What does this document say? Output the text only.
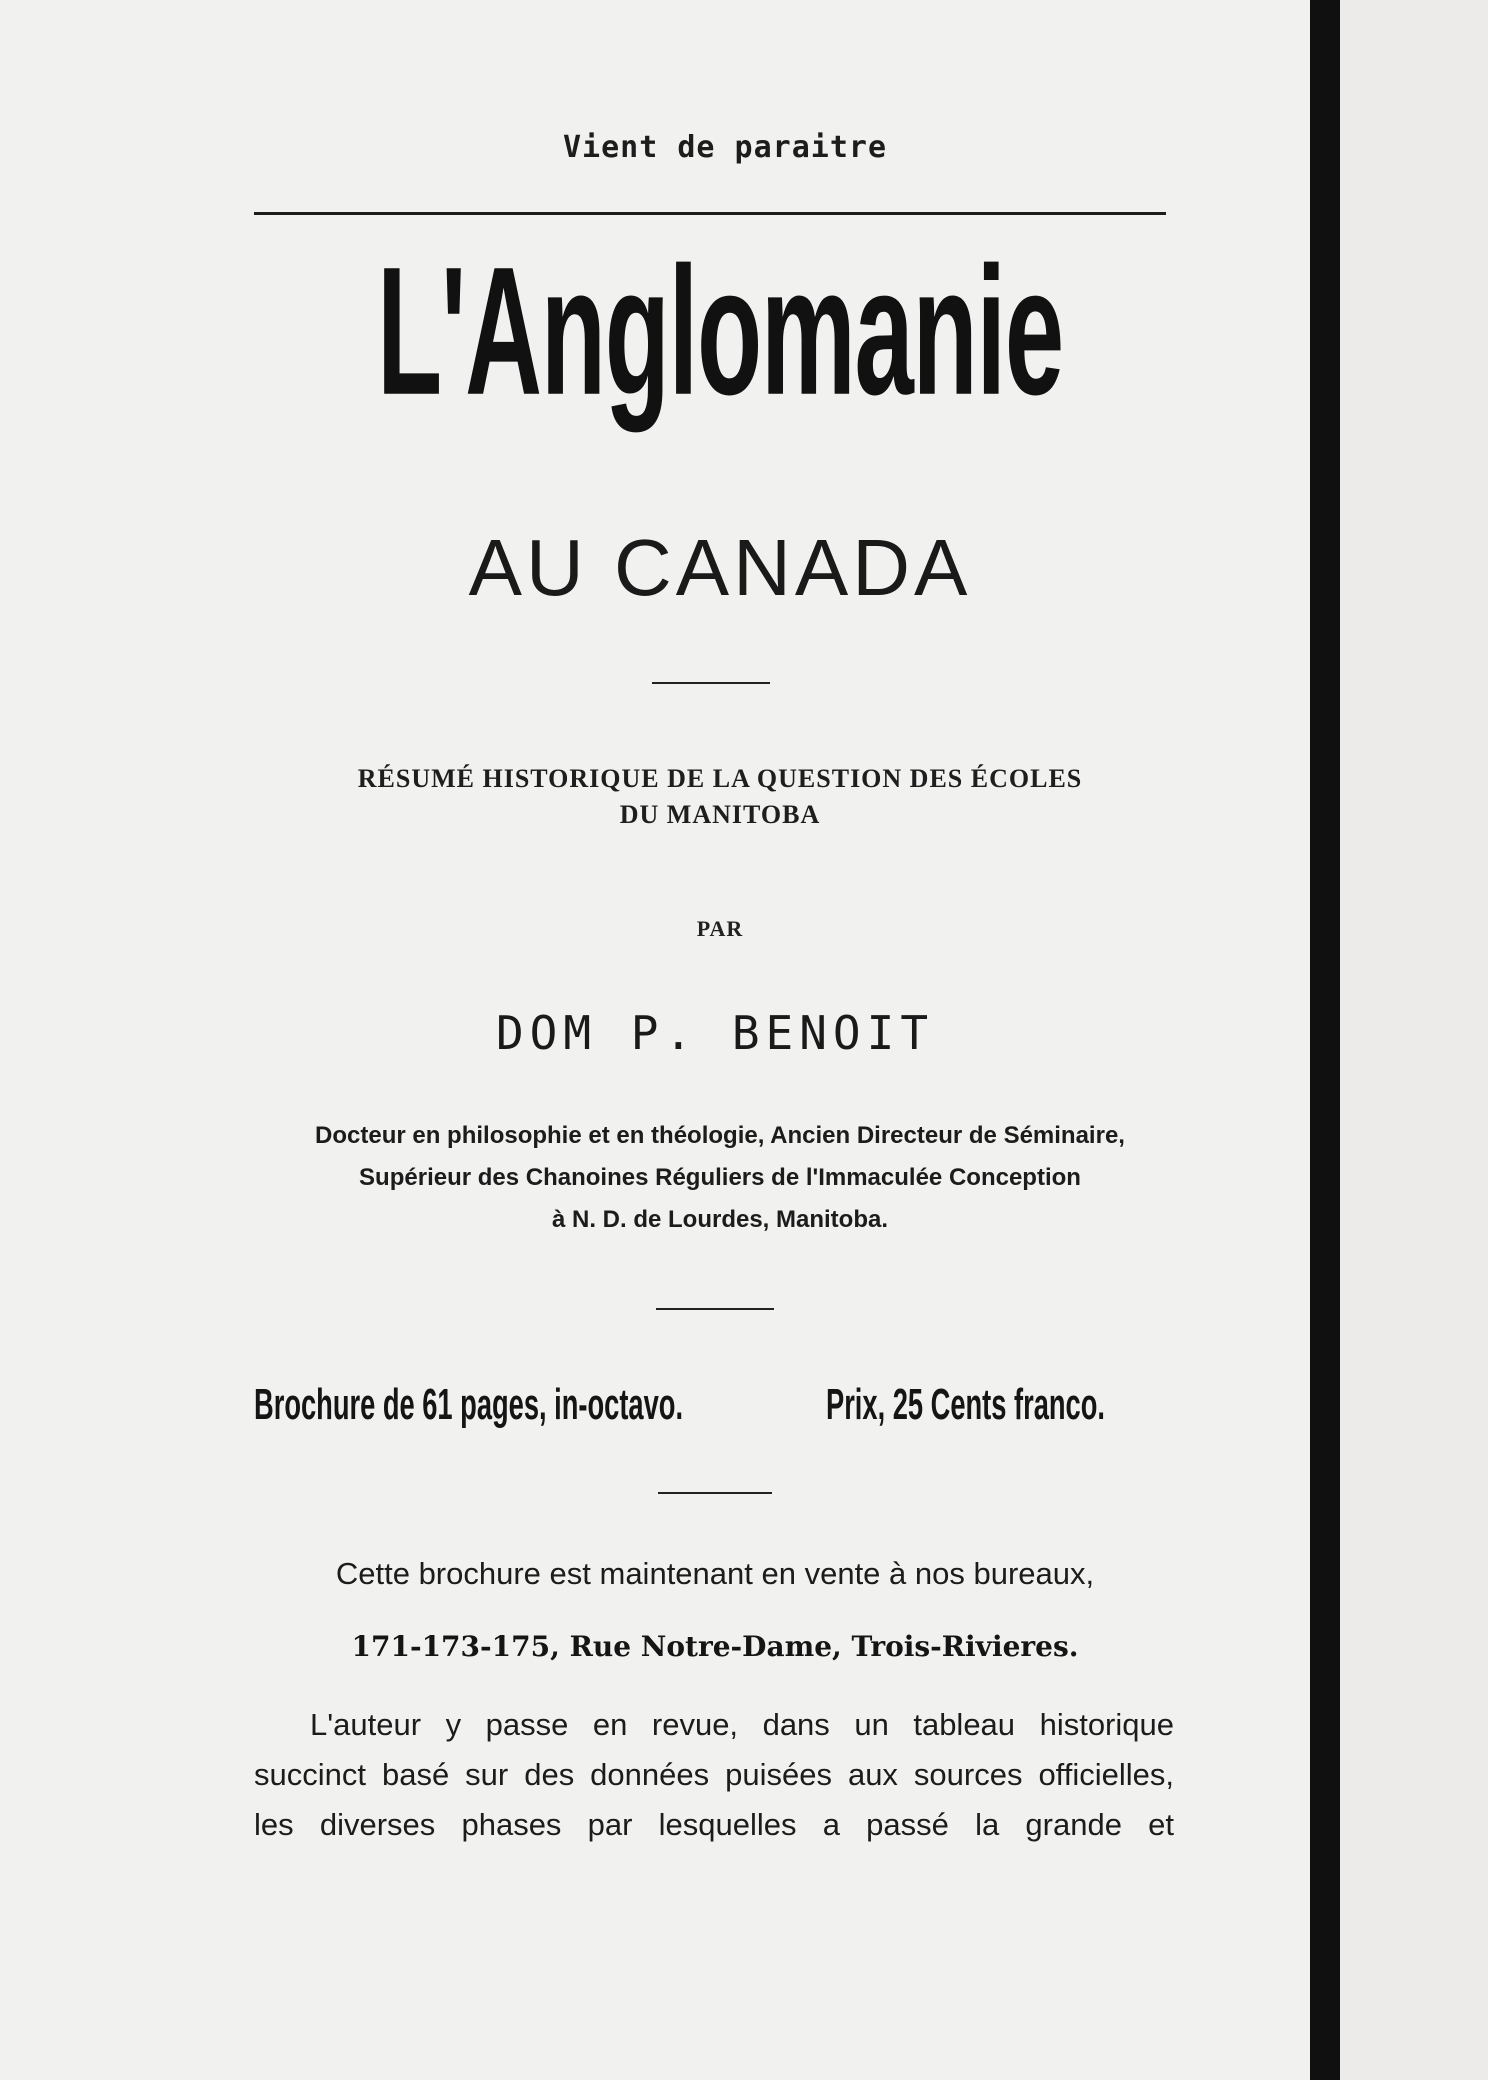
Vient de paraitre
L'Anglomanie
AU CANADA
RÉSUMÉ HISTORIQUE DE LA QUESTION DES ÉCOLES
DU MANITOBA
PAR
DOM P. BENOIT
Docteur en philosophie et en théologie, Ancien Directeur de Séminaire,
Supérieur des Chanoines Réguliers de l'Immaculée Conception
à N. D. de Lourdes, Manitoba.
Brochure de 61 pages, in-octavo.	Prix, 25 Cents franco.
Cette brochure est maintenant en vente à nos bureaux,
171-173-175, Rue Notre-Dame, Trois-Rivieres.
L'auteur y passe en revue, dans un tableau historique
succinct basé sur des données puisées aux sources officielles,
les diverses phases par lesquelles a passé la grande et
